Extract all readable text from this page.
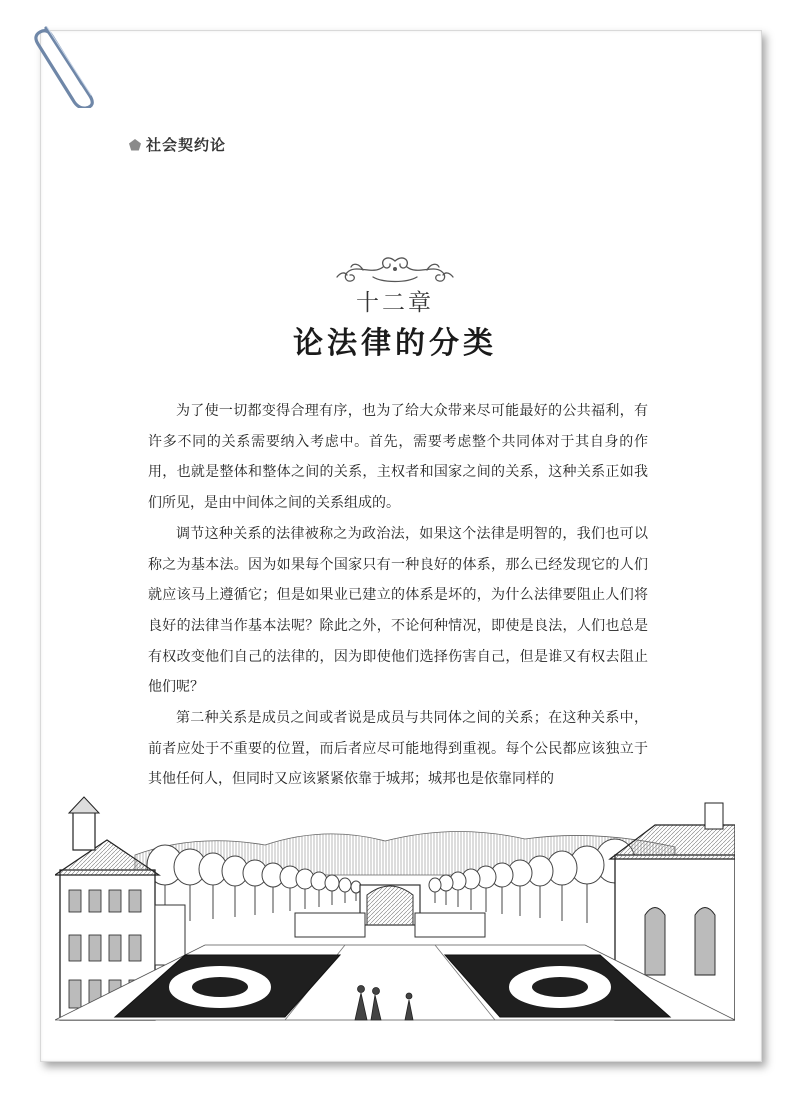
社会契约论
十二章
论法律的分类

为了使一切都变得合理有序，也为了给大众带来尽可能最好的公共福利，有许多不同的关系需要纳入考虑中。首先，需要考虑整个共同体对于其自身的作用，也就是整体和整体之间的关系，主权者和国家之间的关系，这种关系正如我们所见，是由中间体之间的关系组成的。

调节这种关系的法律被称之为政治法，如果这个法律是明智的，我们也可以称之为基本法。因为如果每个国家只有一种良好的体系，那么已经发现它的人们就应该马上遵循它；但是如果业已建立的体系是坏的，为什么法律要阻止人们将良好的法律当作基本法呢？除此之外，不论何种情况，即使是良法，人们也总是有权改变他们自己的法律的，因为即使他们选择伤害自己，但是谁又有权去阻止他们呢？

第二种关系是成员之间或者说是成员与共同体之间的关系；在这种关系中，前者应处于不重要的位置，而后者应尽可能地得到重视。每个公民都应该独立于其他任何人，但同时又应该紧紧依靠于城邦；城邦也是依靠同样的
